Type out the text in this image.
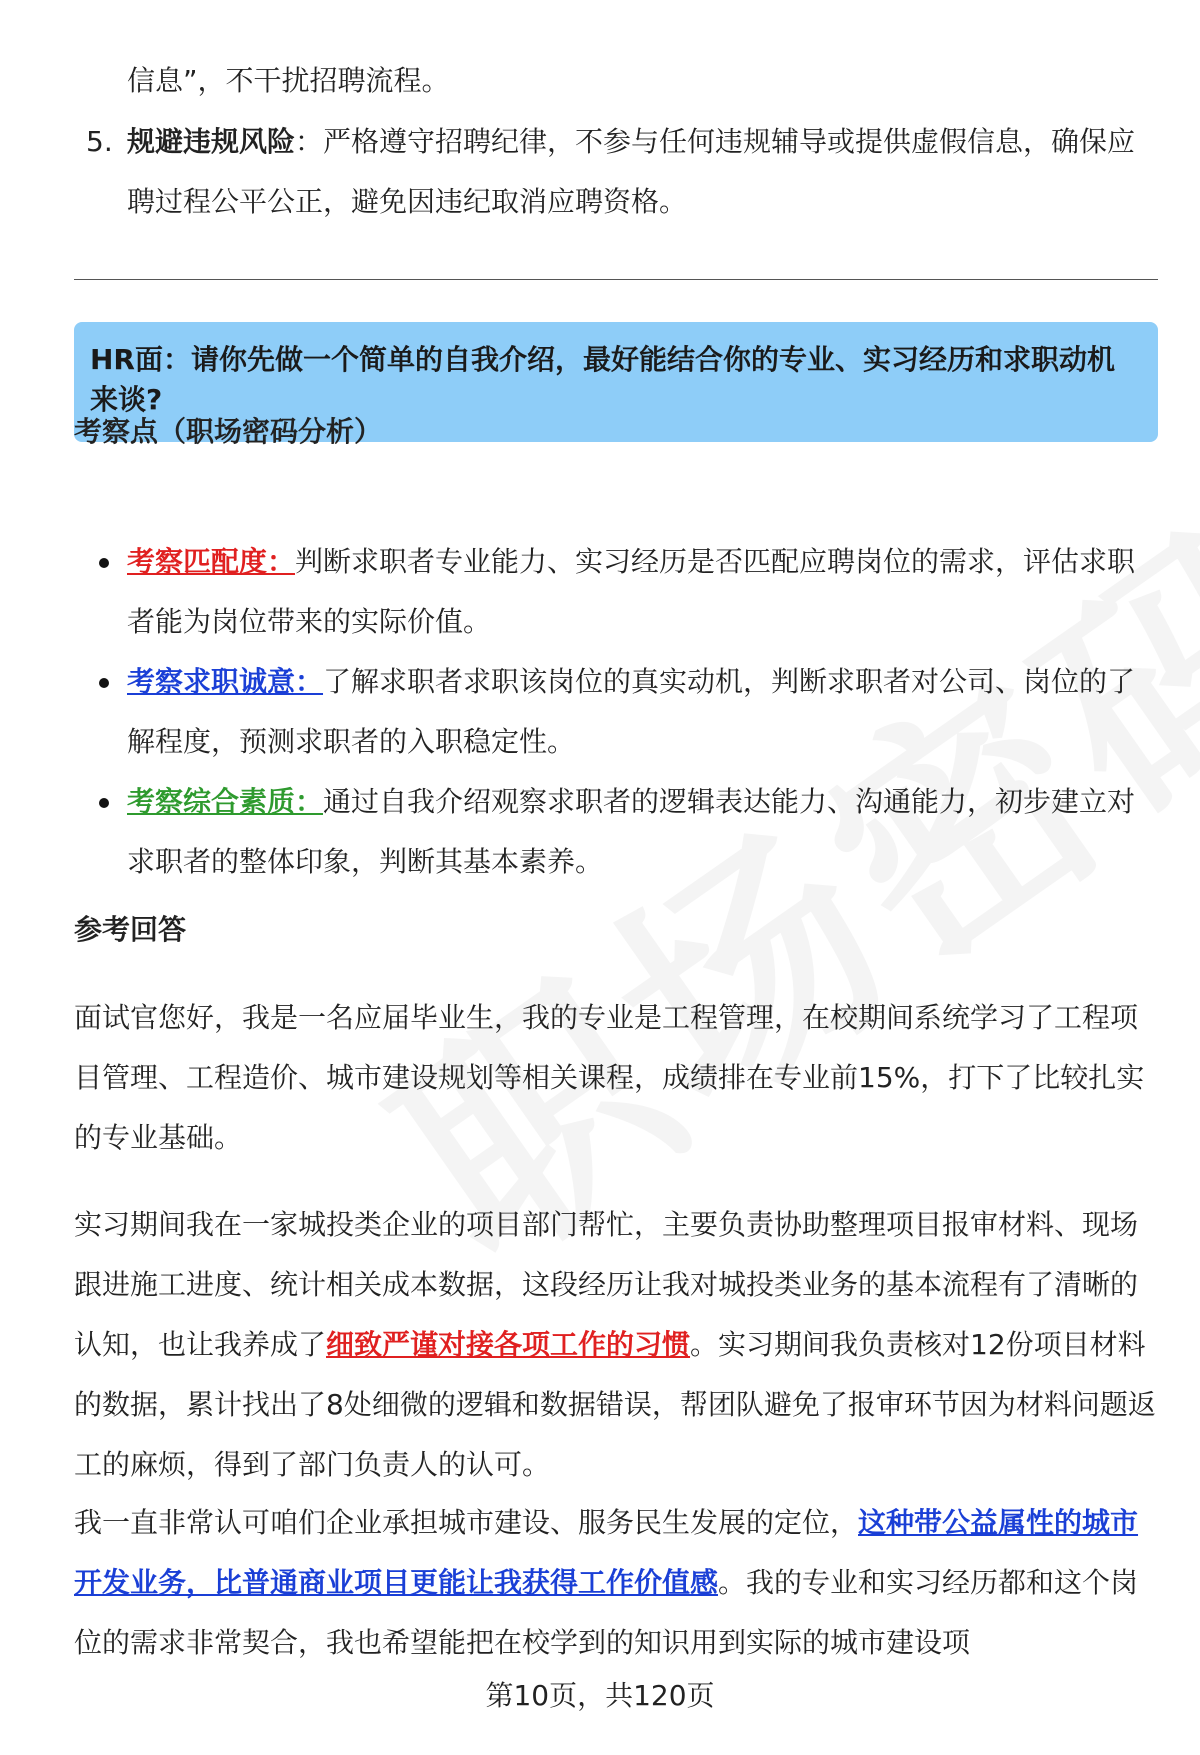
信息”，不干扰招聘流程。

5. 规避违规风险：严格遵守招聘纪律，不参与任何违规辅导或提供虚假信息，确保应聘过程公平公正，避免因违纪取消应聘资格。
HR面：请你先做一个简单的自我介绍，最好能结合你的专业、实习经历和求职动机来谈?
考察点（职场密码分析）
考察匹配度：判断求职者专业能力、实习经历是否匹配应聘岗位的需求，评估求职者能为岗位带来的实际价值。
考察求职诚意：了解求职者求职该岗位的真实动机，判断求职者对公司、岗位的了解程度，预测求职者的入职稳定性。
考察综合素质：通过自我介绍观察求职者的逻辑表达能力、沟通能力，初步建立对求职者的整体印象，判断其基本素养。
参考回答

面试官您好，我是一名应届毕业生，我的专业是工程管理，在校期间系统学习了工程项目管理、工程造价、城市建设规划等相关课程，成绩排在专业前15%，打下了比较扎实的专业基础。

实习期间我在一家城投类企业的项目部门帮忙，主要负责协助整理项目报审材料、现场跟进施工进度、统计相关成本数据，这段经历让我对城投类业务的基本流程有了清晰的认知，也让我养成了细致严谨对接各项工作的习惯。实习期间我负责核对12份项目材料的数据，累计找出了8处细微的逻辑和数据错误，帮团队避免了报审环节因为材料问题返工的麻烦，得到了部门负责人的认可。

我一直非常认可咱们企业承担城市建设、服务民生发展的定位，这种带公益属性的城市开发业务，比普通商业项目更能让我获得工作价值感。我的专业和实习经历都和这个岗位的需求非常契合，我也希望能把在校学到的知识用到实际的城市建设项

第10页，共120页
